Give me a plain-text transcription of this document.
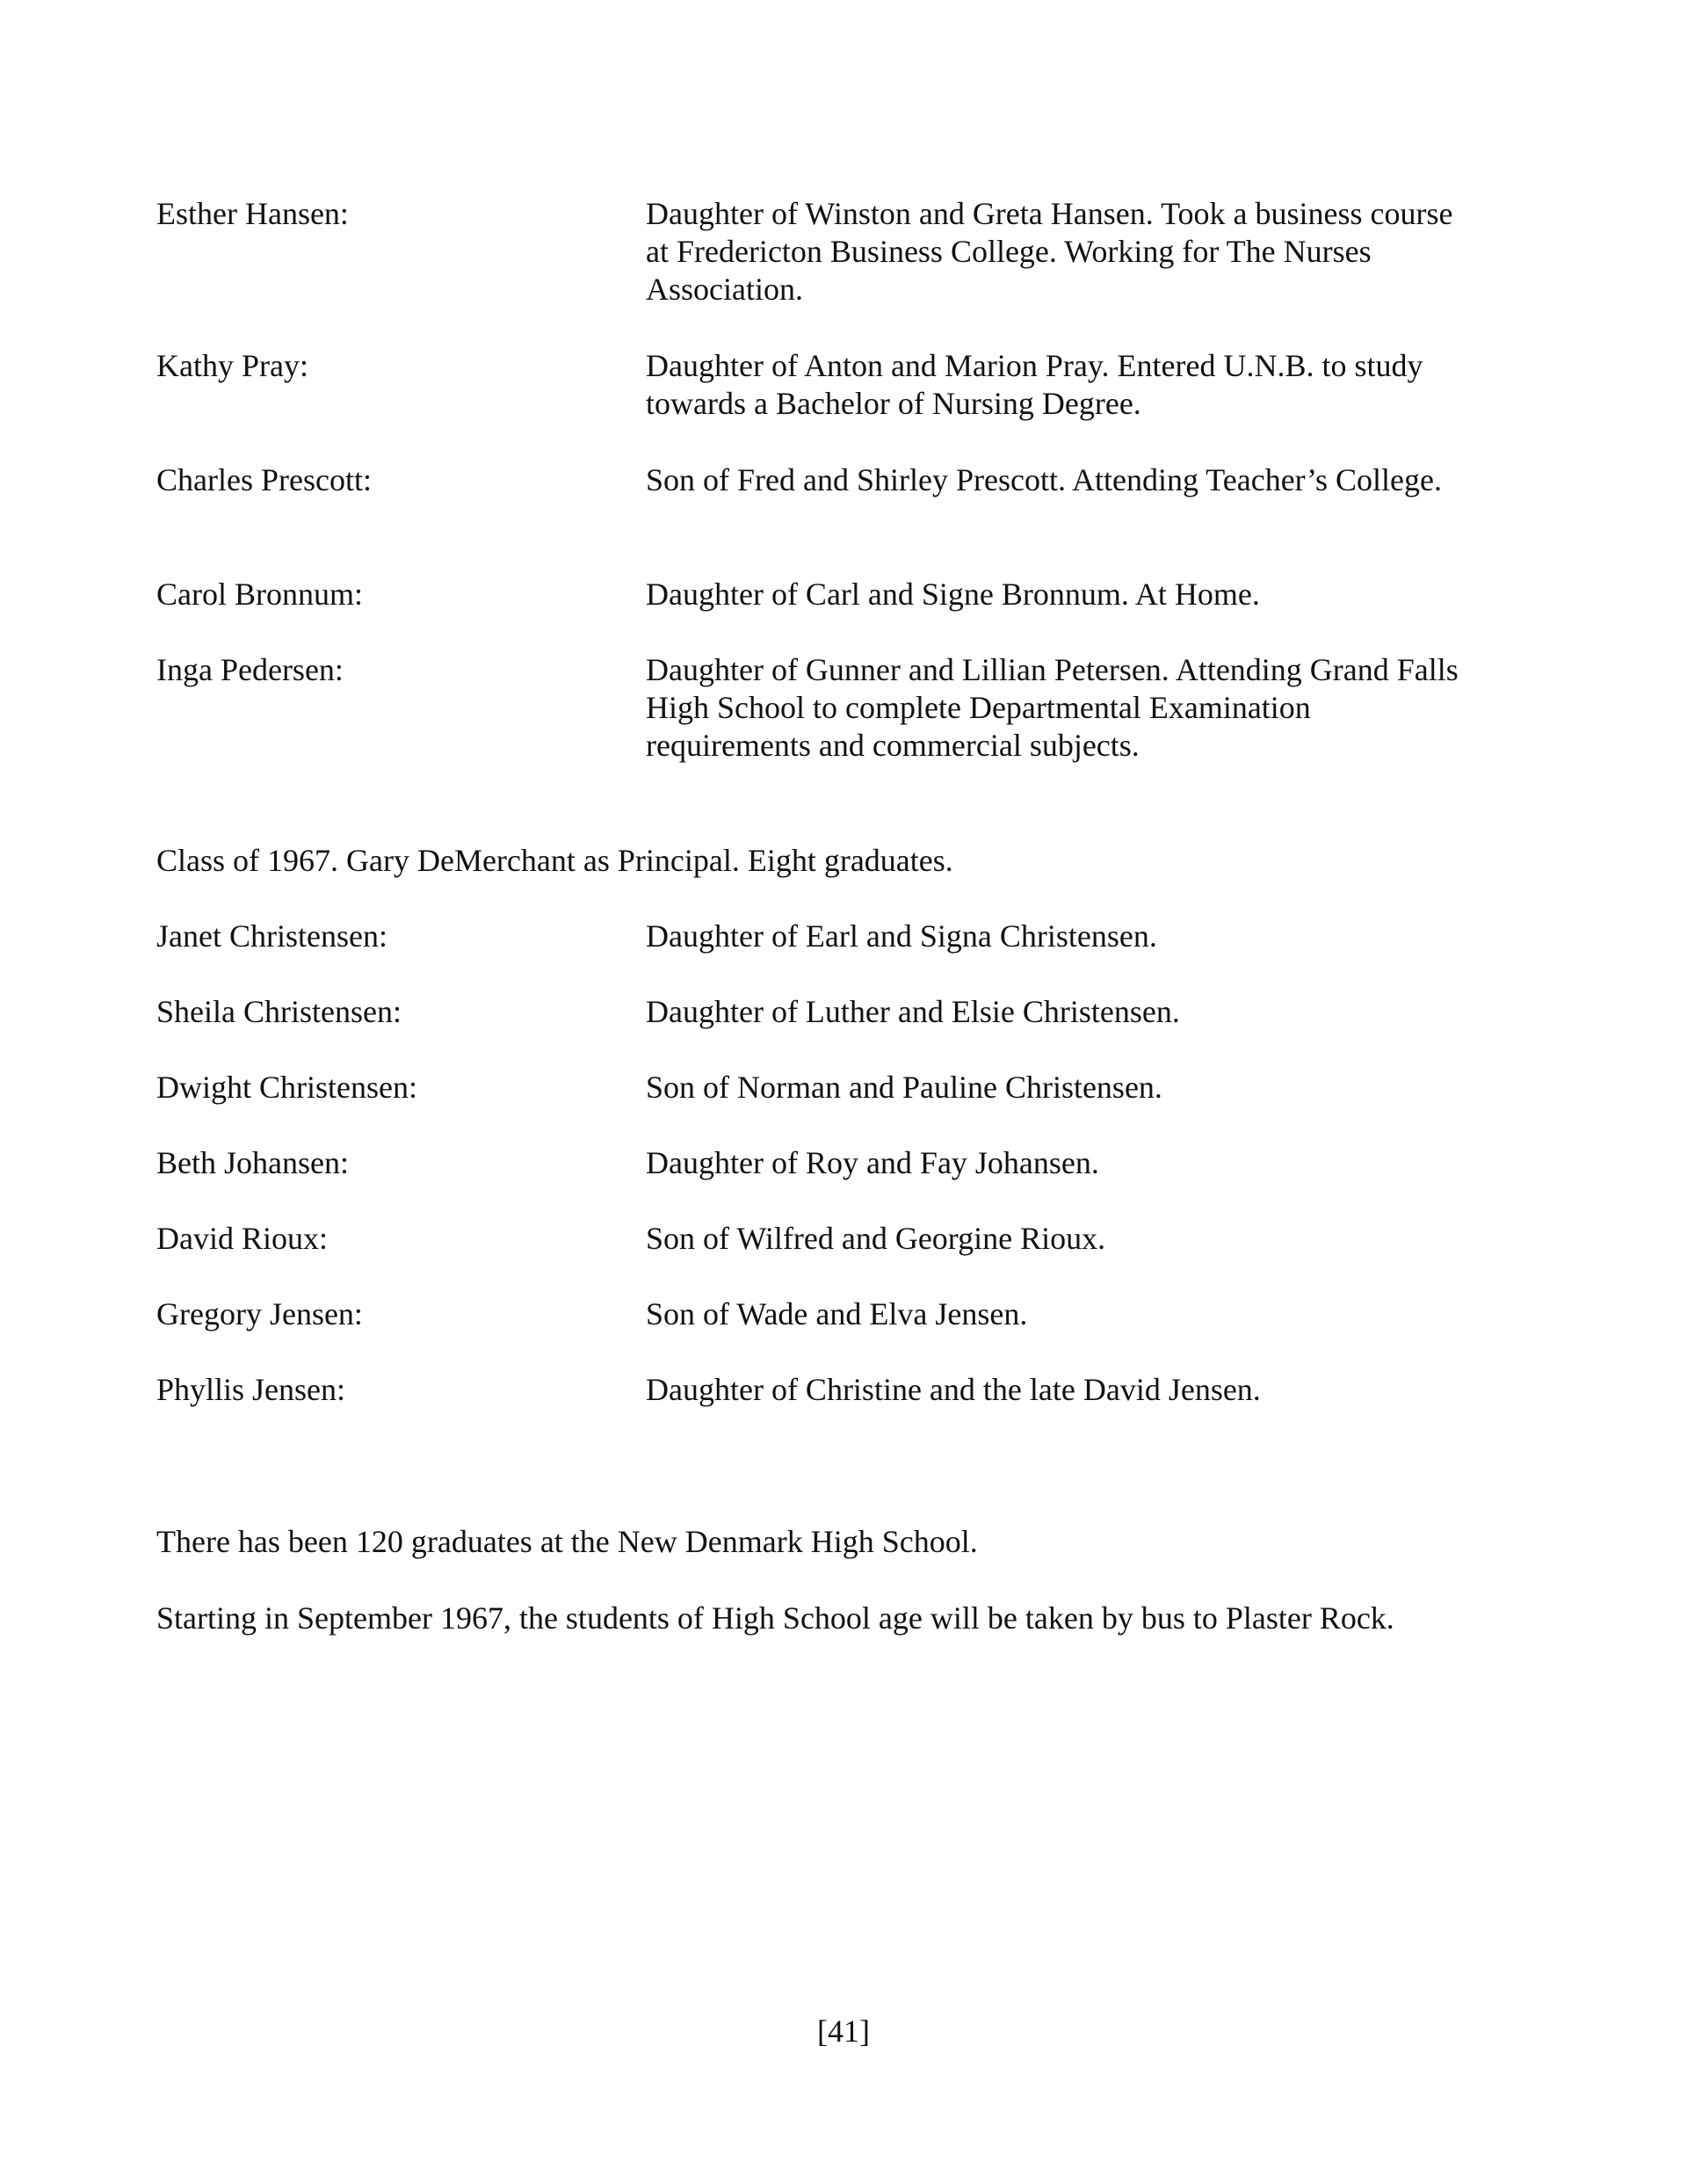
Esther Hansen:	Daughter of Winston and Greta Hansen. Took a business course at Fredericton Business College. Working for The Nurses Association.
Kathy Pray:	Daughter of Anton and Marion Pray. Entered U.N.B. to study towards a Bachelor of Nursing Degree.
Charles Prescott:	Son of Fred and Shirley Prescott. Attending Teacher’s College.
Carol Bronnum:	Daughter of Carl and Signe Bronnum. At Home.
Inga Pedersen:	Daughter of Gunner and Lillian Petersen. Attending Grand Falls High School to complete Departmental Examination requirements and commercial subjects.
Class of 1967. Gary DeMerchant as Principal. Eight graduates.
Janet Christensen:	Daughter of Earl and Signa Christensen.
Sheila Christensen:	Daughter of Luther and Elsie Christensen.
Dwight Christensen:	Son of Norman and Pauline Christensen.
Beth Johansen:	Daughter of Roy and Fay Johansen.
David Rioux:	Son of Wilfred and Georgine Rioux.
Gregory Jensen:	Son of Wade and Elva Jensen.
Phyllis Jensen:	Daughter of Christine and the late David Jensen.
There has been 120 graduates at the New Denmark High School.
Starting in September 1967, the students of High School age will be taken by bus to Plaster Rock.
[41]
